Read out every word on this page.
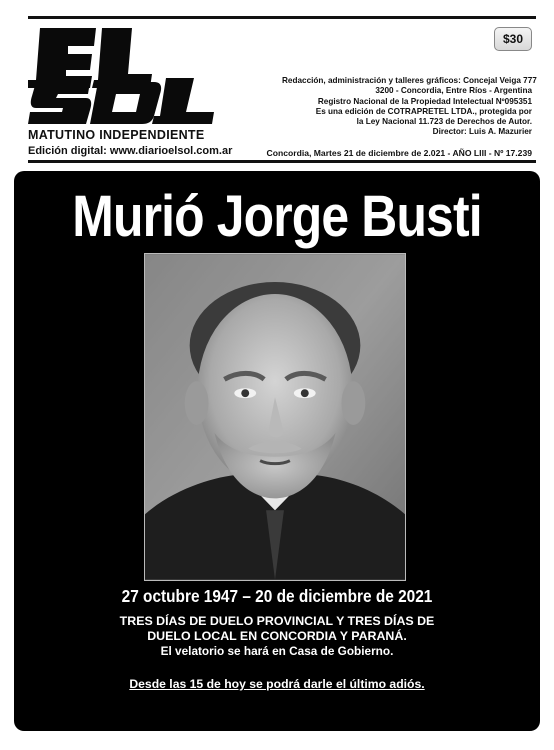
MATUTINO INDEPENDIENTE
Edición digital: www.diarioelsol.com.ar
$30
Redacción, administración y talleres gráficos: Concejal Veiga 777
3200 - Concordia, Entre Ríos - Argentina
Registro Nacional de la Propiedad Intelectual Nº095351
Es una edición de COTRAPRETEL LTDA., protegida por
la Ley Nacional 11.723 de Derechos de Autor.
Director: Luis A. Mazurier
Concordia, Martes 21 de diciembre de 2.021 - AÑO LIII - Nº 17.239
Murió Jorge Busti
27 octubre 1947 – 20 de diciembre de 2021
TRES DÍAS DE DUELO PROVINCIAL Y TRES DÍAS DE
DUELO LOCAL EN CONCORDIA Y PARANÁ.
El velatorio se hará en Casa de Gobierno.
Desde las 15 de hoy se podrá darle el último adiós.
